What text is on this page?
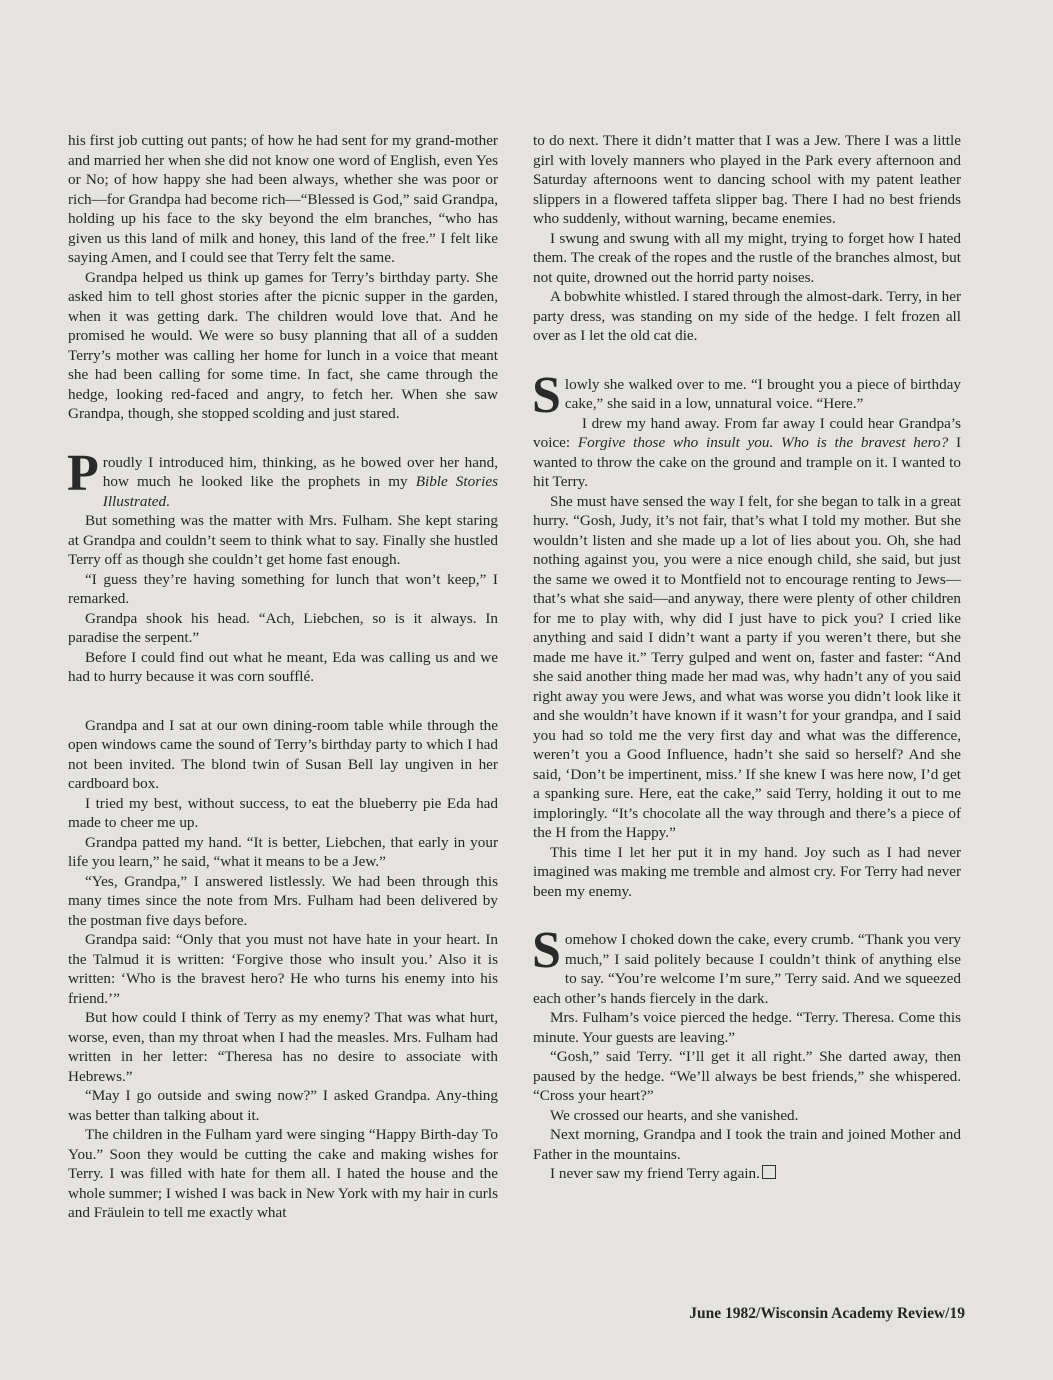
his first job cutting out pants; of how he had sent for my grand-mother and married her when she did not know one word of English, even Yes or No; of how happy she had been always, whether she was poor or rich—for Grandpa had become rich—“Blessed is God,” said Grandpa, holding up his face to the sky beyond the elm branches, “who has given us this land of milk and honey, this land of the free.” I felt like saying Amen, and I could see that Terry felt the same.

Grandpa helped us think up games for Terry’s birthday party. She asked him to tell ghost stories after the picnic supper in the garden, when it was getting dark. The children would love that. And he promised he would. We were so busy planning that all of a sudden Terry’s mother was calling her home for lunch in a voice that meant she had been calling for some time. In fact, she came through the hedge, looking red-faced and angry, to fetch her. When she saw Grandpa, though, she stopped scolding and just stared.

Proudly I introduced him, thinking, as he bowed over her hand, how much he looked like the prophets in my Bible Stories Illustrated.

But something was the matter with Mrs. Fulham. She kept staring at Grandpa and couldn’t seem to think what to say. Finally she hustled Terry off as though she couldn’t get home fast enough.

“I guess they’re having something for lunch that won’t keep,” I remarked.

Grandpa shook his head. “Ach, Liebchen, so is it always. In paradise the serpent.”

Before I could find out what he meant, Eda was calling us and we had to hurry because it was corn soufflé.

Grandpa and I sat at our own dining-room table while through the open windows came the sound of Terry’s birthday party to which I had not been invited. The blond twin of Susan Bell lay ungiven in her cardboard box.

I tried my best, without success, to eat the blueberry pie Eda had made to cheer me up.

Grandpa patted my hand. “It is better, Liebchen, that early in your life you learn,” he said, “what it means to be a Jew.”

“Yes, Grandpa,” I answered listlessly. We had been through this many times since the note from Mrs. Fulham had been delivered by the postman five days before.

Grandpa said: “Only that you must not have hate in your heart. In the Talmud it is written: ‘Forgive those who insult you.’ Also it is written: ‘Who is the bravest hero? He who turns his enemy into his friend.’”

But how could I think of Terry as my enemy? That was what hurt, worse, even, than my throat when I had the measles. Mrs. Fulham had written in her letter: “Theresa has no desire to associate with Hebrews.”

“May I go outside and swing now?” I asked Grandpa. Any-thing was better than talking about it.

The children in the Fulham yard were singing “Happy Birth-day To You.” Soon they would be cutting the cake and making wishes for Terry. I was filled with hate for them all. I hated the house and the whole summer; I wished I was back in New York with my hair in curls and Fräulein to tell me exactly what

to do next. There it didn’t matter that I was a Jew. There I was a little girl with lovely manners who played in the Park every afternoon and Saturday afternoons went to dancing school with my patent leather slippers in a flowered taffeta slipper bag. There I had no best friends who suddenly, without warning, became enemies.

I swung and swung with all my might, trying to forget how I hated them. The creak of the ropes and the rustle of the branches almost, but not quite, drowned out the horrid party noises.

A bobwhite whistled. I stared through the almost-dark. Terry, in her party dress, was standing on my side of the hedge. I felt frozen all over as I let the old cat die.

Slowly she walked over to me. “I brought you a piece of birthday cake,” she said in a low, unnatural voice. “Here.”

I drew my hand away. From far away I could hear Grandpa’s voice: Forgive those who insult you. Who is the bravest hero? I wanted to throw the cake on the ground and trample on it. I wanted to hit Terry.

She must have sensed the way I felt, for she began to talk in a great hurry. “Gosh, Judy, it’s not fair, that’s what I told my mother. But she wouldn’t listen and she made up a lot of lies about you. Oh, she had nothing against you, you were a nice enough child, she said, but just the same we owed it to Montfield not to encourage renting to Jews—that’s what she said—and anyway, there were plenty of other children for me to play with, why did I just have to pick you? I cried like anything and said I didn’t want a party if you weren’t there, but she made me have it.” Terry gulped and went on, faster and faster: “And she said another thing made her mad was, why hadn’t any of you said right away you were Jews, and what was worse you didn’t look like it and she wouldn’t have known if it wasn’t for your grandpa, and I said you had so told me the very first day and what was the difference, weren’t you a Good Influence, hadn’t she said so herself? And she said, ‘Don’t be impertinent, miss.’ If she knew I was here now, I’d get a spanking sure. Here, eat the cake,” said Terry, holding it out to me imploringly. “It’s chocolate all the way through and there’s a piece of the H from the Happy.”

This time I let her put it in my hand. Joy such as I had never imagined was making me tremble and almost cry. For Terry had never been my enemy.

Somehow I choked down the cake, every crumb. “Thank you very much,” I said politely because I couldn’t think of anything else to say. “You’re welcome I’m sure,” Terry said. And we squeezed each other’s hands fiercely in the dark.

Mrs. Fulham’s voice pierced the hedge. “Terry. Theresa. Come this minute. Your guests are leaving.”

“Gosh,” said Terry. “I’ll get it all right.” She darted away, then paused by the hedge. “We’ll always be best friends,” she whispered. “Cross your heart?”

We crossed our hearts, and she vanished.

Next morning, Grandpa and I took the train and joined Mother and Father in the mountains.

I never saw my friend Terry again.

June 1982/Wisconsin Academy Review/19
